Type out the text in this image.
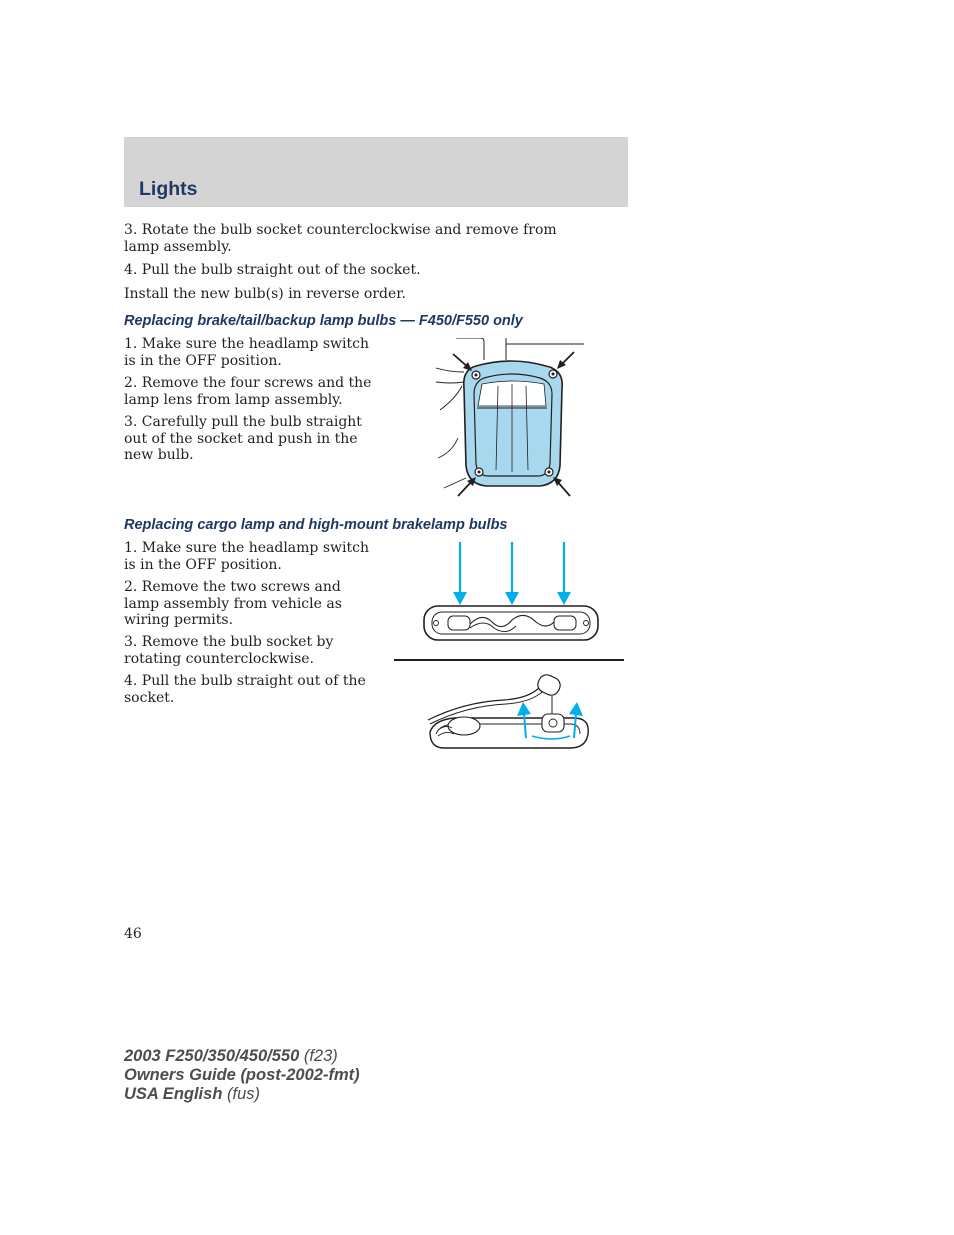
Lights

3. Rotate the bulb socket counterclockwise and remove from lamp assembly.

4. Pull the bulb straight out of the socket.

Install the new bulb(s) in reverse order.

Replacing brake/tail/backup lamp bulbs — F450/F550 only

1. Make sure the headlamp switch is in the OFF position.

2. Remove the four screws and the lamp lens from lamp assembly.

3. Carefully pull the bulb straight out of the socket and push in the new bulb.

Replacing cargo lamp and high-mount brakelamp bulbs

1. Make sure the headlamp switch is in the OFF position.

2. Remove the two screws and lamp assembly from vehicle as wiring permits.

3. Remove the bulb socket by rotating counterclockwise.

4. Pull the bulb straight out of the socket.

46
2003 F250/350/450/550 (f23)
Owners Guide (post-2002-fmt)
USA English (fus)
